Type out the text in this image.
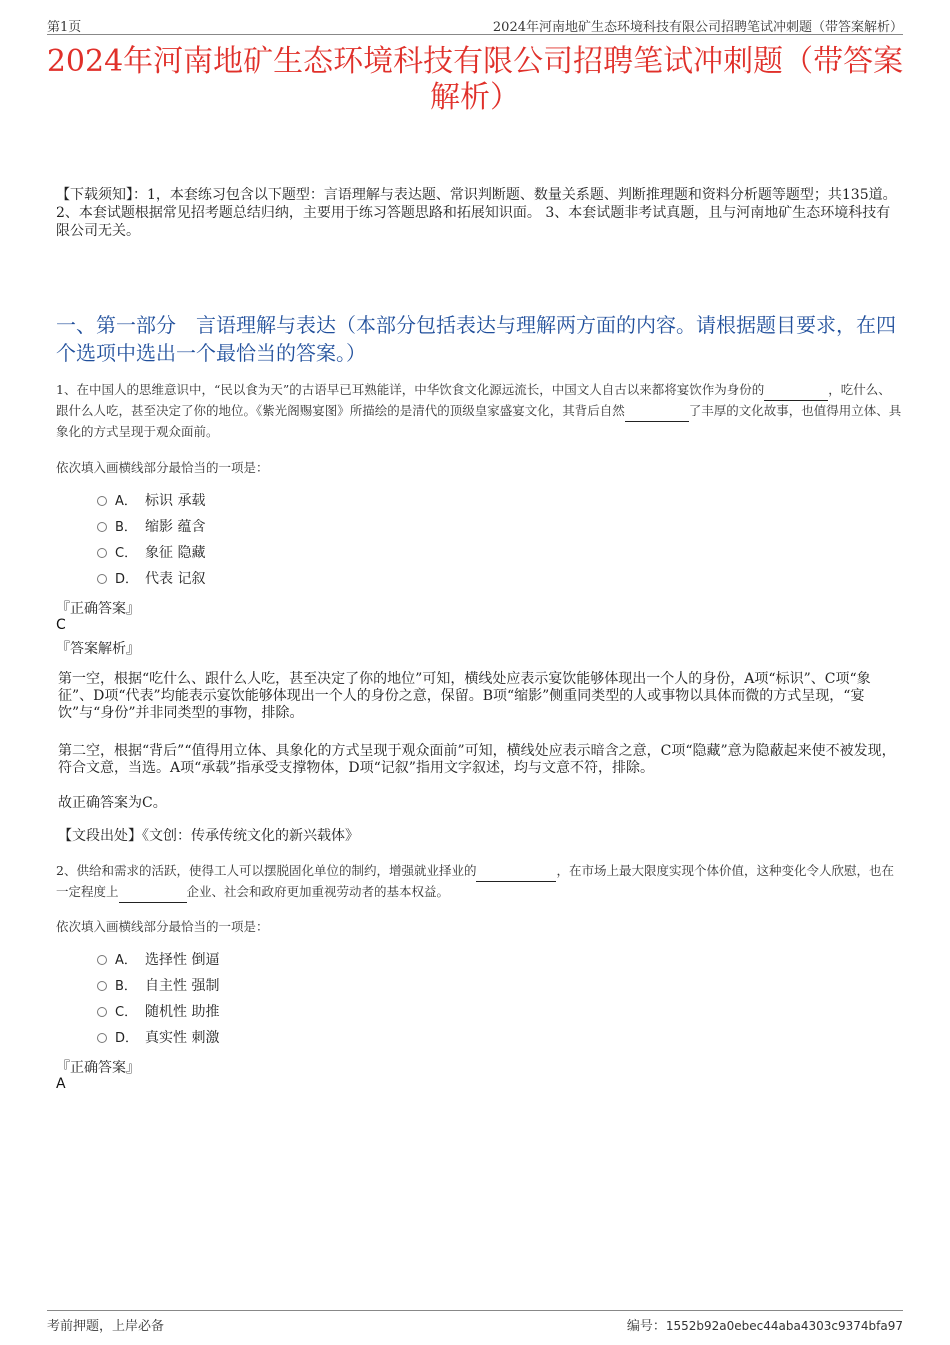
第1页	2024年河南地矿生态环境科技有限公司招聘笔试冲刺题（带答案解析）
2024年河南地矿生态环境科技有限公司招聘笔试冲刺题（带答案解析）
【下载须知】：1，本套练习包含以下题型：言语理解与表达题、常识判断题、数量关系题、判断推理题和资料分析题等题型；共135道。 2、本套试题根据常见招考题总结归纳，主要用于练习答题思路和拓展知识面。 3、本套试题非考试真题，且与河南地矿生态环境科技有限公司无关。
一、第一部分　言语理解与表达（本部分包括表达与理解两方面的内容。请根据题目要求，在四个选项中选出一个最恰当的答案。）
1、在中国人的思维意识中，“民以食为天”的古语早已耳熟能详，中华饮食文化源远流长，中国文人自古以来都将宴饮作为身份的	，吃什么、跟什么人吃，甚至决定了你的地位。《紫光阁赐宴图》所描绘的是清代的顶级皇家盛宴文化，其背后自然	了丰厚的文化故事，也值得用立体、具象化的方式呈现于观众面前。
依次填入画横线部分最恰当的一项是：
A． 标识 承载
B． 缩影 蕴含
C． 象征 隐藏
D． 代表 记叙
『正确答案』
C
『答案解析』
第一空，根据“吃什么、跟什么人吃，甚至决定了你的地位”可知，横线处应表示宴饮能够体现出一个人的身份，A项“标识”、C项“象征”、D项“代表”均能表示宴饮能够体现出一个人的身份之意，保留。B项“缩影”侧重同类型的人或事物以具体而微的方式呈现，“宴饮”与“身份”并非同类型的事物，排除。
第二空，根据“背后”“值得用立体、具象化的方式呈现于观众面前”可知，横线处应表示暗含之意，C项“隐藏”意为隐蔽起来使不被发现，符合文意，当选。A项“承载”指承受支撑物体，D项“记叙”指用文字叙述，均与文意不符，排除。
故正确答案为C。
【文段出处】《文创：传承传统文化的新兴载体》
2、供给和需求的活跃，使得工人可以摆脱固化单位的制约，增强就业择业的	，在市场上最大限度实现个体价值，这种变化令人欣慰，也在一定程度上	企业、社会和政府更加重视劳动者的基本权益。
依次填入画横线部分最恰当的一项是：
A． 选择性 倒逼
B． 自主性 强制
C． 随机性 助推
D． 真实性 刺激
『正确答案』
A
考前押题，上岸必备	编号：1552b92a0ebec44aba4303c9374bfa97
